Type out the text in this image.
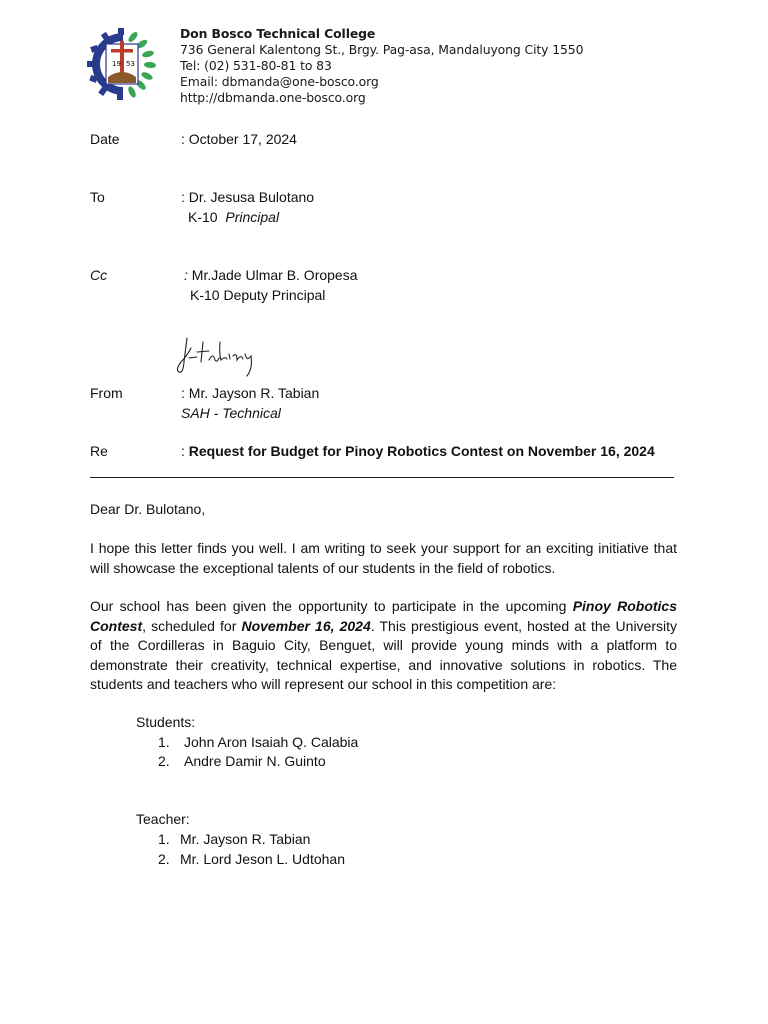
19 53
Don Bosco Technical College
736 General Kalentong St., Brgy. Pag-asa, Mandaluyong City 1550
Tel: (02) 531-80-81 to 83
Email: dbmanda@one-bosco.org
http://dbmanda.one-bosco.org
Date	: October 17, 2024
To	: Dr. Jesusa Bulotano
K-10 Principal
Cc	: Mr.Jade Ulmar B. Oropesa
K-10 Deputy Principal
From	: Mr. Jayson R. Tabian
SAH - Technical
Re	: Request for Budget for Pinoy Robotics Contest on November 16, 2024
Dear Dr. Bulotano,
I hope this letter finds you well. I am writing to seek your support for an exciting initiative that will showcase the exceptional talents of our students in the field of robotics.
Our school has been given the opportunity to participate in the upcoming Pinoy Robotics Contest, scheduled for November 16, 2024. This prestigious event, hosted at the University of the Cordilleras in Baguio City, Benguet, will provide young minds with a platform to demonstrate their creativity, technical expertise, and innovative solutions in robotics. The students and teachers who will represent our school in this competition are:
Students:
1. John Aron Isaiah Q. Calabia
2. Andre Damir N. Guinto
Teacher:
1. Mr. Jayson R. Tabian
2. Mr. Lord Jeson L. Udtohan
